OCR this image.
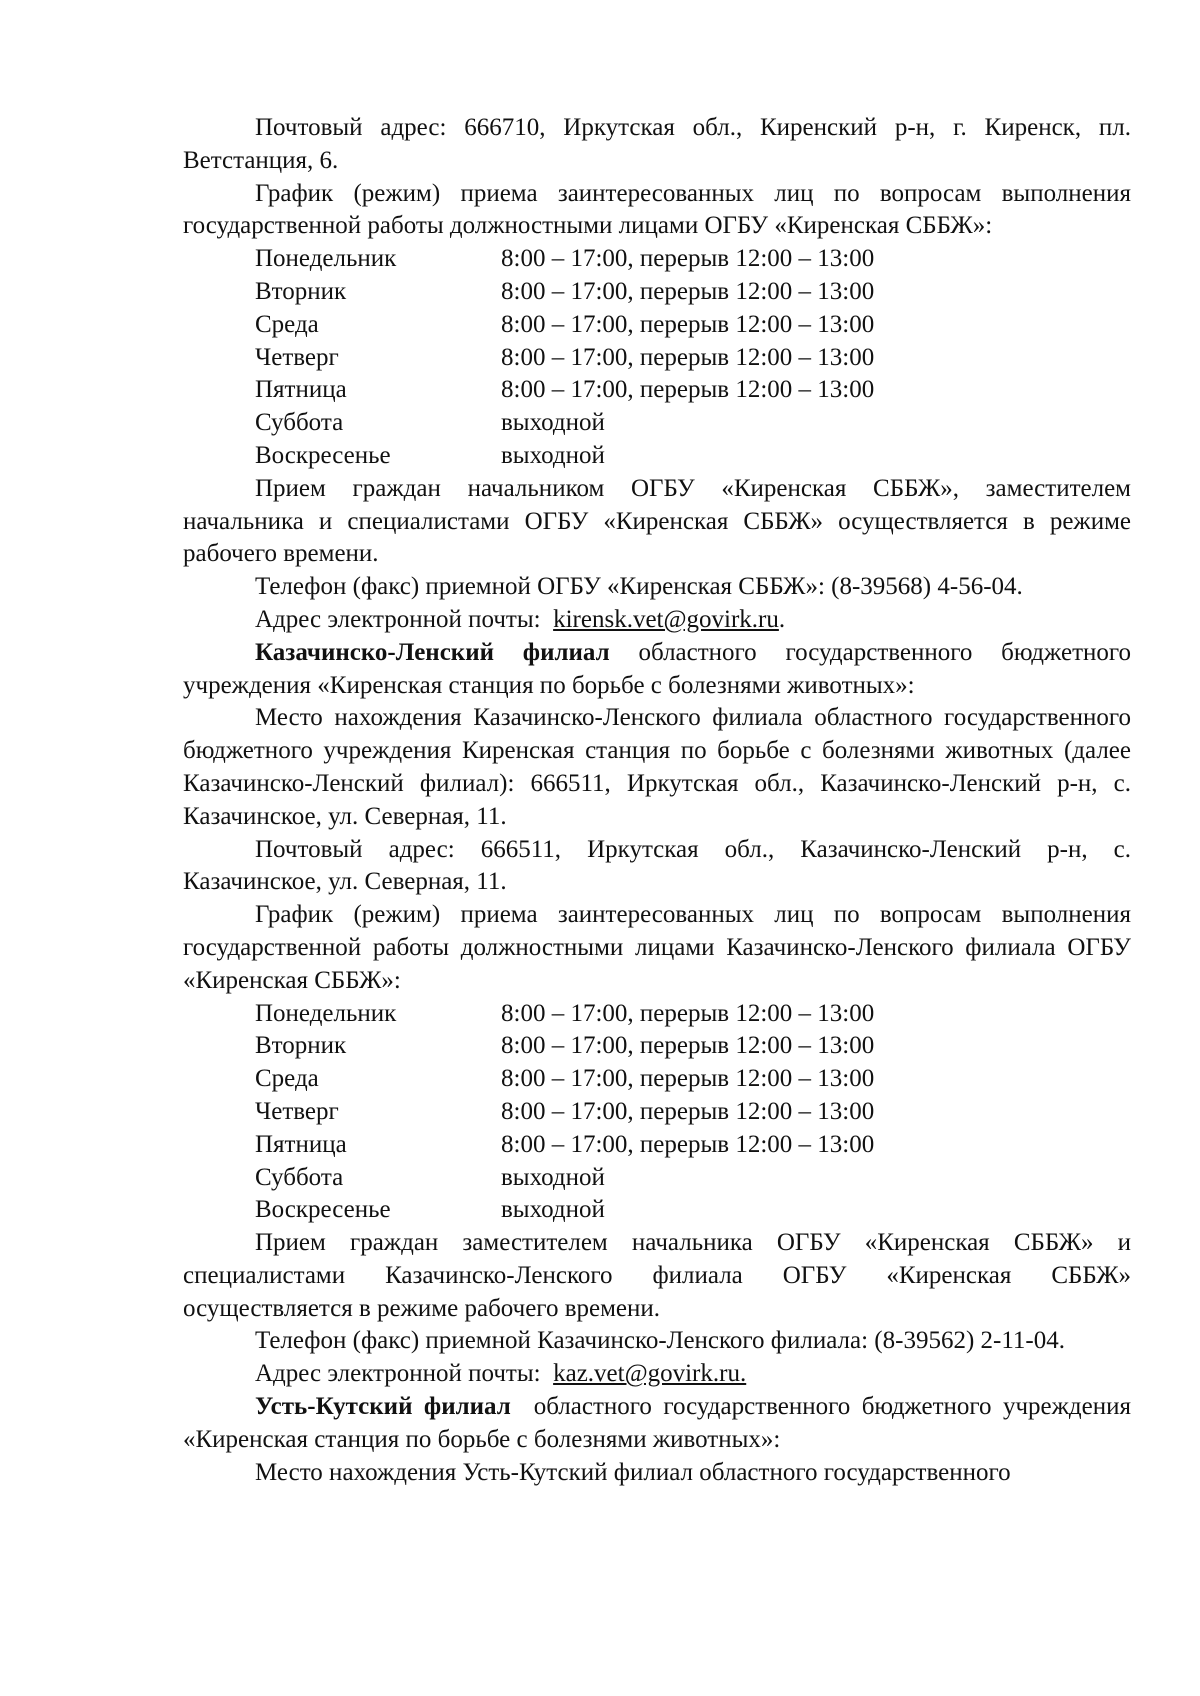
Почтовый адрес: 666710, Иркутская обл., Киренский р-н, г. Киренск, пл. Ветстанция, 6.

График (режим) приема заинтересованных лиц по вопросам выполнения государственной работы должностными лицами ОГБУ «Киренская СББЖ»:

Понедельник	8:00 – 17:00, перерыв 12:00 – 13:00
Вторник	8:00 – 17:00, перерыв 12:00 – 13:00
Среда	8:00 – 17:00, перерыв 12:00 – 13:00
Четверг	8:00 – 17:00, перерыв 12:00 – 13:00
Пятница	8:00 – 17:00, перерыв 12:00 – 13:00
Суббота	выходной
Воскресенье	выходной

Прием граждан начальником ОГБУ «Киренская СББЖ», заместителем начальника и специалистами ОГБУ «Киренская СББЖ» осуществляется в режиме рабочего времени.

Телефон (факс) приемной ОГБУ «Киренская СББЖ»: (8-39568) 4-56-04.

Адрес электронной почты: kirensk.vet@govirk.ru.

Казачинско-Ленский филиал областного государственного бюджетного учреждения «Киренская станция по борьбе с болезнями животных»:

Место нахождения Казачинско-Ленского филиала областного государственного бюджетного учреждения Киренская станция по борьбе с болезнями животных (далее Казачинско-Ленский филиал): 666511, Иркутская обл., Казачинско-Ленский р-н, с. Казачинское, ул. Северная, 11.

Почтовый адрес: 666511, Иркутская обл., Казачинско-Ленский р-н, с. Казачинское, ул. Северная, 11.

График (режим) приема заинтересованных лиц по вопросам выполнения государственной работы должностными лицами Казачинско-Ленского филиала ОГБУ «Киренская СББЖ»:

Понедельник	8:00 – 17:00, перерыв 12:00 – 13:00
Вторник	8:00 – 17:00, перерыв 12:00 – 13:00
Среда	8:00 – 17:00, перерыв 12:00 – 13:00
Четверг	8:00 – 17:00, перерыв 12:00 – 13:00
Пятница	8:00 – 17:00, перерыв 12:00 – 13:00
Суббота	выходной
Воскресенье	выходной

Прием граждан заместителем начальника ОГБУ «Киренская СББЖ» и специалистами Казачинско-Ленского филиала ОГБУ «Киренская СББЖ» осуществляется в режиме рабочего времени.

Телефон (факс) приемной Казачинско-Ленского филиала: (8-39562) 2-11-04.

Адрес электронной почты: kaz.vet@govirk.ru.

Усть-Кутский филиал областного государственного бюджетного учреждения «Киренская станция по борьбе с болезнями животных»:

Место нахождения Усть-Кутский филиал областного государственного
